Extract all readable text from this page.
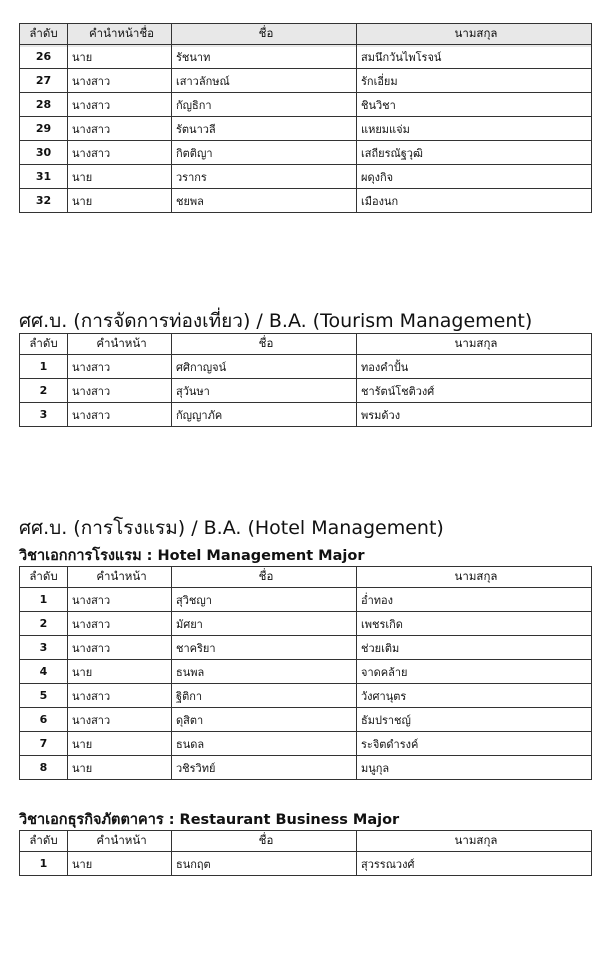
ลำดับ	คำนำหน้าชื่อ	ชื่อ	นามสกุล
26	นาย	รัชนาท	สมนึกวันไพโรจน์
27	นางสาว	เสาวลักษณ์	รักเอี่ยม
28	นางสาว	กัญธิกา	ชินวิชา
29	นางสาว	รัตนาวลี	แหยมแจ่ม
30	นางสาว	กิตติญา	เสถียรณัฐวุฒิ
31	นาย	วรากร	ผดุงกิจ
32	นาย	ชยพล	เมืองนก
ศศ.บ. (การจัดการท่องเที่ยว) / B.A. (Tourism Management)
ลำดับ	คำนำหน้า	ชื่อ	นามสกุล
1	นางสาว	ศศิกาญจน์	ทองคำปั้น
2	นางสาว	สุวันษา	ชารัตน์โชติวงศ์
3	นางสาว	กัญญาภัค	พรมด้วง
ศศ.บ. (การโรงแรม) / B.A. (Hotel Management)
วิชาเอกการโรงแรม : Hotel Management Major
ลำดับ	คำนำหน้า	ชื่อ	นามสกุล
1	นางสาว	สุวิชญา	อ่ำทอง
2	นางสาว	มัศยา	เพชรเกิด
3	นางสาว	ชาคริยา	ช่วยเติม
4	นาย	ธนพล	จาดคล้าย
5	นางสาว	ฐิติกา	วังศานุตร
6	นางสาว	ดุสิตา	ธัมปราชญ์
7	นาย	ธนดล	ระจิตดำรงค์
8	นาย	วชิรวิทย์	มนูกุล
วิชาเอกธุรกิจภัตตาคาร : Restaurant Business Major
ลำดับ	คำนำหน้า	ชื่อ	นามสกุล
1	นาย	ธนกฤต	สุวรรณวงศ์
